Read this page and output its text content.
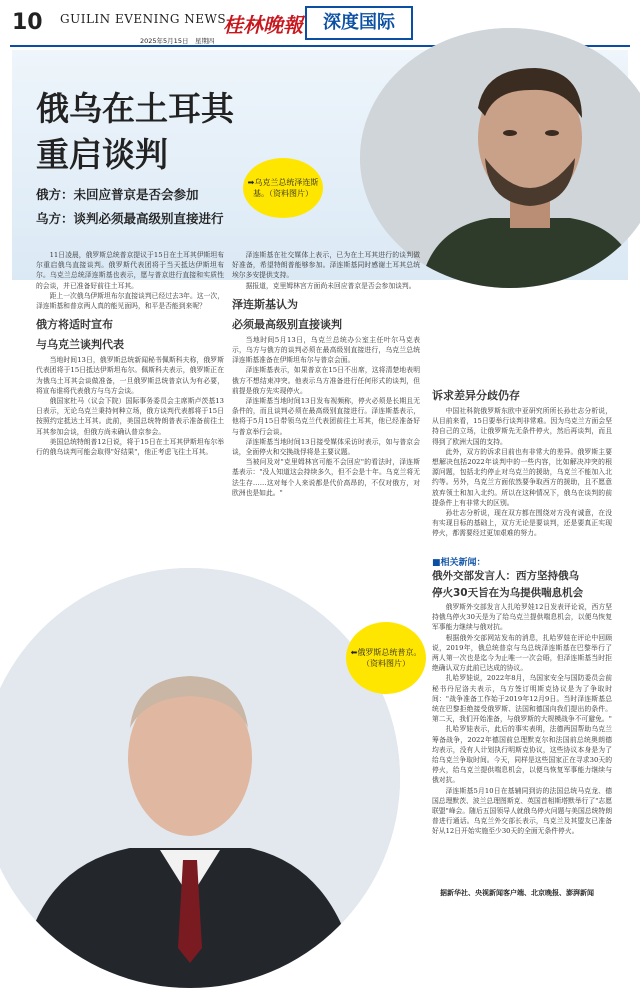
10 GUILIN EVENING NEWS
桂林晚報	深度国际
2025年5月15日　星期四
俄乌在土耳其
重启谈判
俄方：未回应普京是否会参加
乌方：谈判必须最高级别直接进行
➡乌克兰总统泽连斯基。（资料图片）

11日凌晨，俄罗斯总统普京提议于15日在土耳其伊斯坦布尔重启俄乌直接谈判。俄罗斯代表团将于当天抵达伊斯坦布尔。乌克兰总统泽连斯基也表示，愿与普京进行直接和实质性的会谈，并已准备好前往土耳其。

距上一次俄乌伊斯坦布尔直接谈判已经过去3年。这一次，泽连斯基和普京两人真的能见面吗，和平是否能到来呢？

俄方将适时宣布
与乌克兰谈判代表

当地时间13日，俄罗斯总统新闻秘书佩斯科夫称，俄罗斯代表团将于15日抵达伊斯坦布尔。佩斯科夫表示，俄罗斯正在为俄乌土耳其会谈做准备，一旦俄罗斯总统普京认为有必要，将宣布谁将代表俄方与乌方会谈。

俄国家杜马（议会下院）国际事务委员会主席斯卢茨基13日表示，无论乌克兰秉持何种立场，俄方谈判代表都将于15日按照约定抵达土耳其。此前，美国总统特朗普表示准备前往土耳其参加会谈，但俄方尚未确认普京参会。

美国总统特朗普12日说，将于15日在土耳其伊斯坦布尔举行的俄乌谈判可能会取得"好结果"，他正考虑飞往土耳其。

泽连斯基在社交媒体上表示，已为在土耳其进行的谈判做好准备，希望特朗普能够参加。泽连斯基同时感谢土耳其总统埃尔多安提供支持。

据报道，克里姆林宫方面尚未回应普京是否会参加谈判。

泽连斯基认为
必须最高级别直接谈判

当地时间5月13日，乌克兰总统办公室主任叶尔马克表示，乌方与俄方的谈判必须在最高级别直接进行，乌克兰总统泽连斯基准备在伊斯坦布尔与普京会面。

泽连斯基表示，如果普京在15日不出席，这将清楚地表明俄方不想结束冲突。他表示乌方准备进行任何形式的谈判，但前提是俄方先实现停火。

泽连斯基当地时间13日发布视频称，停火必须是长期且无条件的，而且谈判必须在最高级别直接进行。泽连斯基表示，他将于5月15日带领乌克兰代表团前往土耳其，他已经准备好与普京举行会谈。

泽连斯基当地时间13日接受媒体采访时表示，如与普京会谈，全面停火和交换战俘将是主要议题。

当被问及对"克里姆林宫可能不会回应"的看法时，泽连斯基表示："没人知道这会持续多久，但不会是十年。乌克兰将无法生存……这对每个人来说都是代价高昂的，不仅对俄方，对欧洲也是如此。"

⬅俄罗斯总统普京。（资料图片）
诉求差异分歧仍存

中国社科院俄罗斯东欧中亚研究所所长孙壮志分析说，从目前来看，15日要举行谈判非常难。因为乌克兰方面会坚持自己的立场，让俄罗斯先无条件停火，然后再谈判，而且得到了欧洲大国的支持。

此外，双方的诉求目前也有非常大的差异。俄罗斯主要想解决包括2022年谈判中的一些内容，比如解决冲突的根源问题，包括北约停止对乌克兰的援助，乌克兰不能加入北约等。另外，乌克兰方面依然要争取西方的援助，且不愿意放弃领土和加入北约。所以在这种情况下，俄乌在谈判的前提条件上有非常大的区别。

孙壮志分析说，现在双方都在围绕对方没有诚意，在没有实现目标的基础上，双方无论是要谈判，还是要真正实现停火，都需要经过更加艰难的努力。

■相关新闻：
俄外交部发言人：西方坚持俄乌
停火30天旨在为乌提供喘息机会

俄罗斯外交部发言人扎哈罗娃12日发表评论说，西方坚持俄乌停火30天是为了给乌克兰提供喘息机会，以便乌恢复军事能力继续与俄对抗。

根据俄外交部网站发布的消息，扎哈罗娃在评论中回顾说，2019年，俄总统普京与乌总统泽连斯基在巴黎举行了两人第一次也是迄今为止唯一一次会晤，但泽连斯基当时拒绝确认双方此前已达成的协议。

扎哈罗娃说，2022年8月，乌国家安全与国防委员会前秘书丹尼洛夫表示，乌方签订明斯克协议是为了争取时间："战争准备工作始于2019年12月9日。当时泽连斯基总统在巴黎拒绝接受俄罗斯、法国和德国向我们提出的条件。第二天，我们开始准备，与俄罗斯的大规模战争不可避免。"

扎哈罗娃表示，此后的事实表明，法德两国帮助乌克兰筹备战争，2022年德国前总理默克尔和法国前总统奥朗德均表示，没有人计划执行明斯克协议，这些协议本身是为了给乌克兰争取时间。今天，同样是这些国家正在寻求30天的停火，给乌克兰提供喘息机会，以便乌恢复军事能力继续与俄对抗。

泽连斯基5月10日在基辅同到访的法国总统马克龙、德国总理默茨、波兰总理图斯克、英国首相斯塔默举行了"志愿联盟"峰会。随后五国领导人就俄乌停火问题与美国总统特朗普进行通话。乌克兰外交部长表示，乌克兰及其盟友已准备好从12日开始实施至少30天的全面无条件停火。

据新华社、央视新闻客户端、北京晚报、澎湃新闻
